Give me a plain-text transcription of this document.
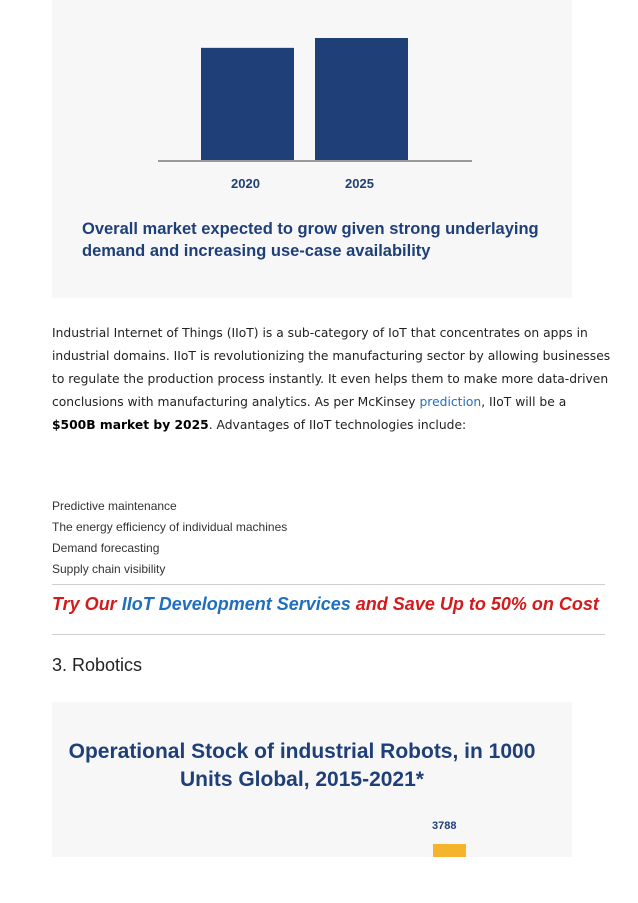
2020	2025
Overall market expected to grow given strong underlaying demand and increasing use-case availability
Industrial Internet of Things (IIoT) is a sub-category of IoT that concentrates on apps in industrial domains. IIoT is revolutionizing the manufacturing sector by allowing businesses to regulate the production process instantly. It even helps them to make more data-driven conclusions with manufacturing analytics. As per McKinsey prediction, IIoT will be a $500B market by 2025. Advantages of IIoT technologies include:
Predictive maintenance
The energy efficiency of individual machines
Demand forecasting
Supply chain visibility
Try Our IIoT Development Services and Save Up to 50% on Cost
3. Robotics
Operational Stock of industrial Robots, in 1000 Units Global, 2015-2021*
3788
